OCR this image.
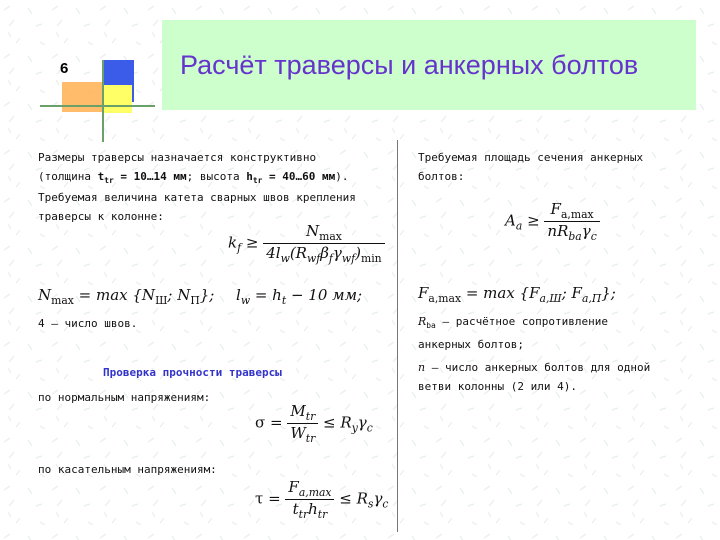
6	Расчёт траверсы и анкерных болтов
Размеры траверсы назначается конструктивно
(толщина $t_{tr}$ = 10…14 мм; высота $h_{tr}$ = 40…60 мм).
Требуемая величина катета сварных швов крепления
траверсы к колонне:
$k_f \ge \frac{N_{max}}{4l_w(R_{wf}\beta_f\gamma_{wf})_{min}}$
$N_{max} = \max \{N_Ш$; $N_П$}; $l_w = h_t - 10$ мм;
4 – число швов.
Проверка прочности траверсы
по нормальным напряжениям:
$\sigma = \frac{M_{tr}}{W_{tr}} \le R_y\gamma_c$
по касательным напряжениям:
$\tau = \frac{F_{a,max}}{t_{tr}h_{tr}} \le R_s\gamma_c$
Требуемая площадь сечения анкерных
болтов:
$A_a \ge \frac{F_{a,max}}{nR_{ba}\gamma_c}$
$F_{a,max} = \max \{F_{a,Ш}$; $F_{a,П}$};
$R_{ba}$ – расчётное сопротивление
анкерных болтов;
n – число анкерных болтов для одной
ветви колонны (2 или 4).
